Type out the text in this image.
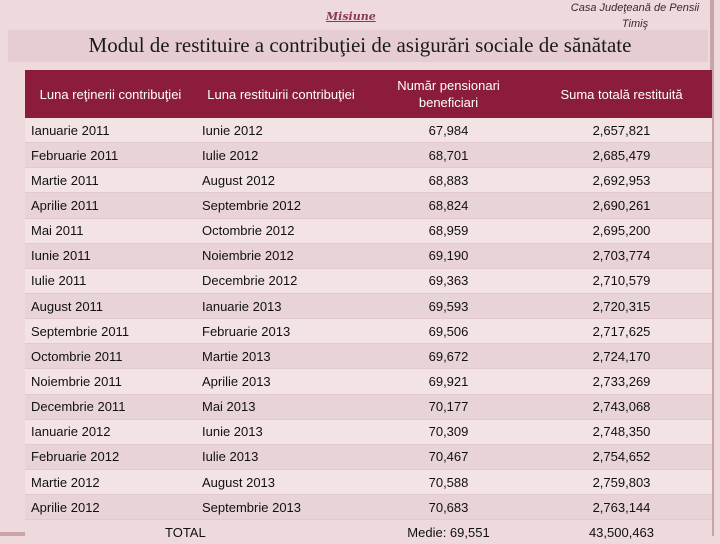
Misiune
Casa Judeţeană de Pensii Timiş
Modul de restituire a contribuţiei de asigurări sociale de sănătate
Luna reţinerii contribuţiei	Luna restituirii contribuţiei	Număr pensionari beneficiari	Suma totală restituită
Ianuarie 2011	Iunie 2012	67,984	2,657,821
Februarie 2011	Iulie 2012	68,701	2,685,479
Martie 2011	August 2012	68,883	2,692,953
Aprilie 2011	Septembrie 2012	68,824	2,690,261
Mai 2011	Octombrie 2012	68,959	2,695,200
Iunie 2011	Noiembrie 2012	69,190	2,703,774
Iulie 2011	Decembrie 2012	69,363	2,710,579
August 2011	Ianuarie 2013	69,593	2,720,315
Septembrie 2011	Februarie 2013	69,506	2,717,625
Octombrie 2011	Martie 2013	69,672	2,724,170
Noiembrie 2011	Aprilie 2013	69,921	2,733,269
Decembrie 2011	Mai 2013	70,177	2,743,068
Ianuarie 2012	Iunie 2013	70,309	2,748,350
Februarie 2012	Iulie 2013	70,467	2,754,652
Martie 2012	August 2013	70,588	2,759,803
Aprilie 2012	Septembrie 2013	70,683	2,763,144
TOTAL		Medie: 69,551	43,500,463
